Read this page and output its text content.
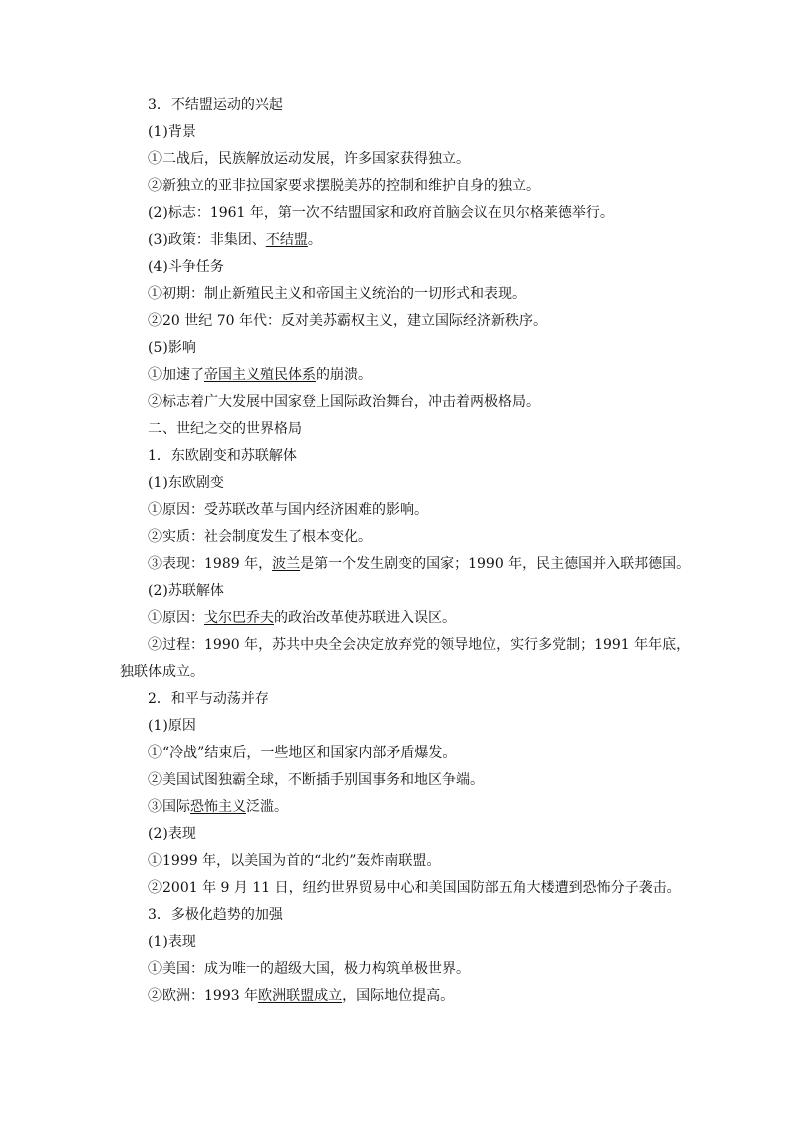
3．不结盟运动的兴起
(1)背景
①二战后，民族解放运动发展，许多国家获得独立。
②新独立的亚非拉国家要求摆脱美苏的控制和维护自身的独立。
(2)标志：1961 年，第一次不结盟国家和政府首脑会议在贝尔格莱德举行。
(3)政策：非集团、不结盟。
(4)斗争任务
①初期：制止新殖民主义和帝国主义统治的一切形式和表现。
②20 世纪 70 年代：反对美苏霸权主义，建立国际经济新秩序。
(5)影响
①加速了帝国主义殖民体系的崩溃。
②标志着广大发展中国家登上国际政治舞台，冲击着两极格局。
二、世纪之交的世界格局
1．东欧剧变和苏联解体
(1)东欧剧变
①原因：受苏联改革与国内经济困难的影响。
②实质：社会制度发生了根本变化。
③表现：1989 年，波兰是第一个发生剧变的国家；1990 年，民主德国并入联邦德国。
(2)苏联解体
①原因：戈尔巴乔夫的政治改革使苏联进入误区。
②过程：1990 年，苏共中央全会决定放弃党的领导地位，实行多党制；1991 年年底，
独联体成立。
2．和平与动荡并存
(1)原因
①“冷战”结束后，一些地区和国家内部矛盾爆发。
②美国试图独霸全球，不断插手别国事务和地区争端。
③国际恐怖主义泛滥。
(2)表现
①1999 年，以美国为首的“北约”轰炸南联盟。
②2001 年 9 月 11 日，纽约世界贸易中心和美国国防部五角大楼遭到恐怖分子袭击。
3．多极化趋势的加强
(1)表现
①美国：成为唯一的超级大国，极力构筑单极世界。
②欧洲：1993 年欧洲联盟成立，国际地位提高。
